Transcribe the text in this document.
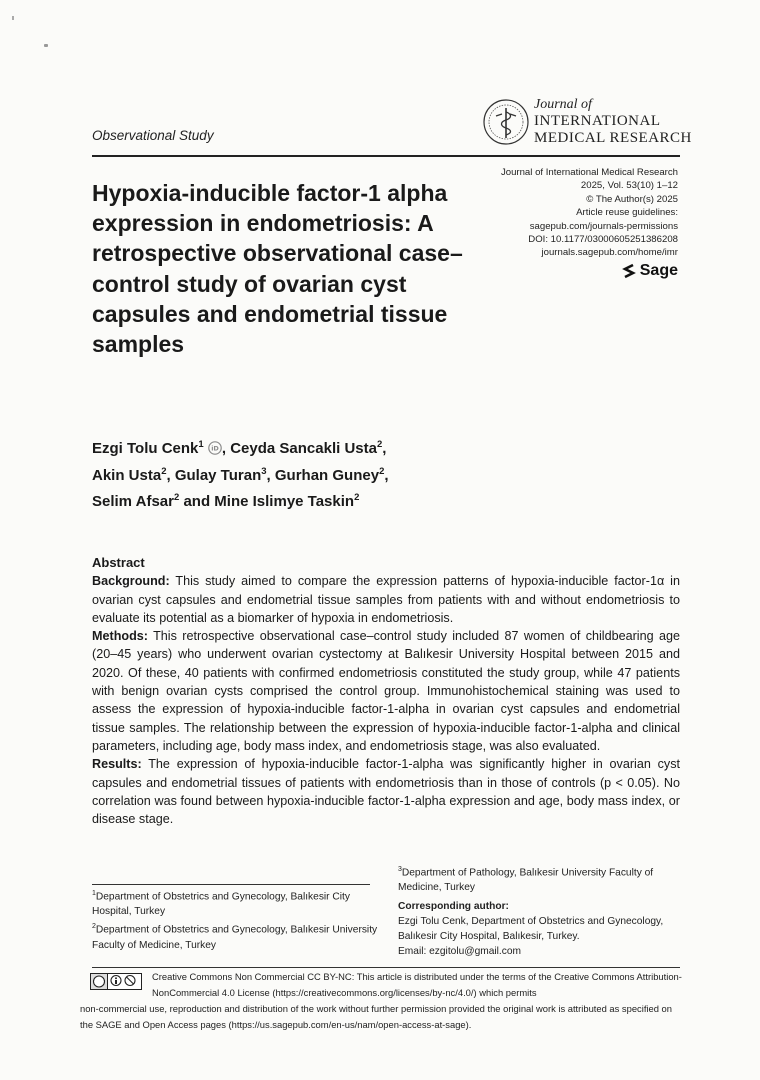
Observational Study
Journal of
INTERNATIONAL
MEDICAL RESEARCH
Journal of International Medical Research
2025, Vol. 53(10) 1–12
© The Author(s) 2025
Article reuse guidelines:
sagepub.com/journals-permissions
DOI: 10.1177/03000605251386208
journals.sagepub.com/home/imr
Sage
Hypoxia-inducible factor-1 alpha expression in endometriosis: A retrospective observational case–control study of ovarian cyst capsules and endometrial tissue samples
Ezgi Tolu Cenk$^1$ iD , Ceyda Sancakli Usta$^2$,
Akin Usta$^2$, Gulay Turan$^3$, Gurhan Guney$^2$,
Selim Afsar$^2$ and Mine Islimye Taskin$^2$
Abstract

Background: This study aimed to compare the expression patterns of hypoxia-inducible factor-1α in ovarian cyst capsules and endometrial tissue samples from patients with and without endometriosis to evaluate its potential as a biomarker of hypoxia in endometriosis.

Methods: This retrospective observational case–control study included 87 women of childbearing age (20–45 years) who underwent ovarian cystectomy at Balıkesir University Hospital between 2015 and 2020. Of these, 40 patients with confirmed endometriosis constituted the study group, while 47 patients with benign ovarian cysts comprised the control group. Immunohistochemical staining was used to assess the expression of hypoxia-inducible factor-1-alpha in ovarian cyst capsules and endometrial tissue samples. The relationship between the expression of hypoxia-inducible factor-1-alpha and clinical parameters, including age, body mass index, and endometriosis stage, was also evaluated.

Results: The expression of hypoxia-inducible factor-1-alpha was significantly higher in ovarian cyst capsules and endometrial tissues of patients with endometriosis than in those of controls (p < 0.05). No correlation was found between hypoxia-inducible factor-1-alpha expression and age, body mass index, or disease stage.

$^3$Department of Pathology, Balıkesir University Faculty of Medicine, Turkey
Corresponding author:
Ezgi Tolu Cenk, Department of Obstetrics and Gynecology, Balıkesir City Hospital, Balıkesir, Turkey.
Email: ezgitolu@gmail.com
$^1$Department of Obstetrics and Gynecology, Balıkesir City Hospital, Turkey
$^2$Department of Obstetrics and Gynecology, Balıkesir University Faculty of Medicine, Turkey
Creative Commons Non Commercial CC BY-NC: This article is distributed under the terms of the Creative Commons Attribution-NonCommercial 4.0 License (https://creativecommons.org/licenses/by-nc/4.0/) which permits
non-commercial use, reproduction and distribution of the work without further permission provided the original work is attributed as specified on the SAGE and Open Access pages (https://us.sagepub.com/en-us/nam/open-access-at-sage).
